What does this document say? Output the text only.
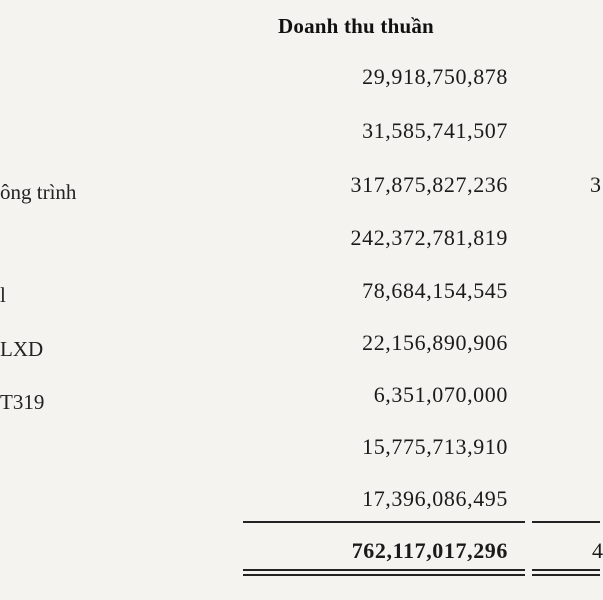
Doanh thu thuần
ông trình
l
LXD
T319
29,918,750,878
31,585,741,507
317,875,827,236
242,372,781,819
78,684,154,545
22,156,890,906
6,351,070,000
15,775,713,910
17,396,086,495
3
762,117,017,296	4
